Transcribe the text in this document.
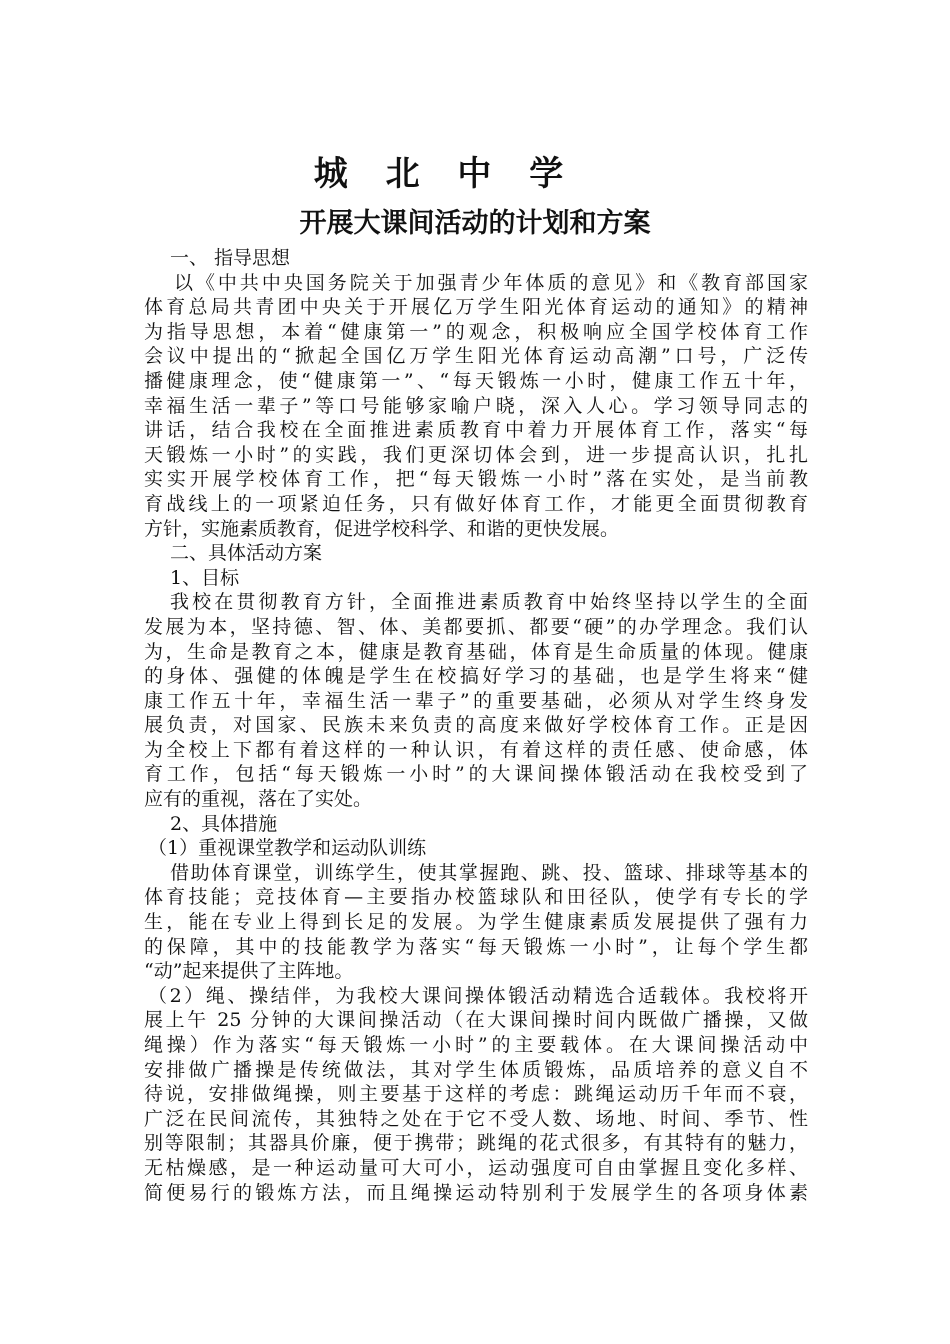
城 北 中 学
开展大课间活动的计划和方案
一、 指导思想
以《中共中央国务院关于加强青少年体质的意见》和《教育部国家
体育总局共青团中央关于开展亿万学生阳光体育运动的通知》的精神
为指导思想，本着“健康第一”的观念，积极响应全国学校体育工作
会议中提出的“掀起全国亿万学生阳光体育运动高潮”口号，广泛传
播健康理念，使“健康第一”、“每天锻炼一小时，健康工作五十年，
幸福生活一辈子”等口号能够家喻户晓，深入人心。学习领导同志的
讲话，结合我校在全面推进素质教育中着力开展体育工作，落实“每
天锻炼一小时”的实践，我们更深切体会到，进一步提高认识，扎扎
实实开展学校体育工作，把“每天锻炼一小时”落在实处，是当前教
育战线上的一项紧迫任务，只有做好体育工作，才能更全面贯彻教育
方针，实施素质教育，促进学校科学、和谐的更快发展。
二、具体活动方案
1、目标
我校在贯彻教育方针，全面推进素质教育中始终坚持以学生的全面
发展为本，坚持德、智、体、美都要抓、都要“硬”的办学理念。我们认
为，生命是教育之本，健康是教育基础，体育是生命质量的体现。健康
的身体、强健的体魄是学生在校搞好学习的基础，也是学生将来“健
康工作五十年，幸福生活一辈子”的重要基础，必须从对学生终身发
展负责，对国家、民族未来负责的高度来做好学校体育工作。正是因
为全校上下都有着这样的一种认识，有着这样的责任感、使命感，体
育工作，包括“每天锻炼一小时”的大课间操体锻活动在我校受到了
应有的重视，落在了实处。
2、具体措施
（1）重视课堂教学和运动队训练
借助体育课堂，训练学生，使其掌握跑、跳、投、篮球、排球等基本的
体育技能；竞技体育—主要指办校篮球队和田径队，使学有专长的学
生，能在专业上得到长足的发展。为学生健康素质发展提供了强有力
的保障，其中的技能教学为落实“每天锻炼一小时”，让每个学生都
“动”起来提供了主阵地。
（2）绳、操结伴，为我校大课间操体锻活动精选合适载体。我校将开
展上午 25 分钟的大课间操活动（在大课间操时间内既做广播操，又做
绳操）作为落实“每天锻炼一小时”的主要载体。在大课间操活动中
安排做广播操是传统做法，其对学生体质锻炼，品质培养的意义自不
待说，安排做绳操，则主要基于这样的考虑：跳绳运动历千年而不衰，
广泛在民间流传，其独特之处在于它不受人数、场地、时间、季节、性
别等限制；其器具价廉，便于携带；跳绳的花式很多，有其特有的魅力，
无枯燥感，是一种运动量可大可小，运动强度可自由掌握且变化多样、
简便易行的锻炼方法，而且绳操运动特别利于发展学生的各项身体素
